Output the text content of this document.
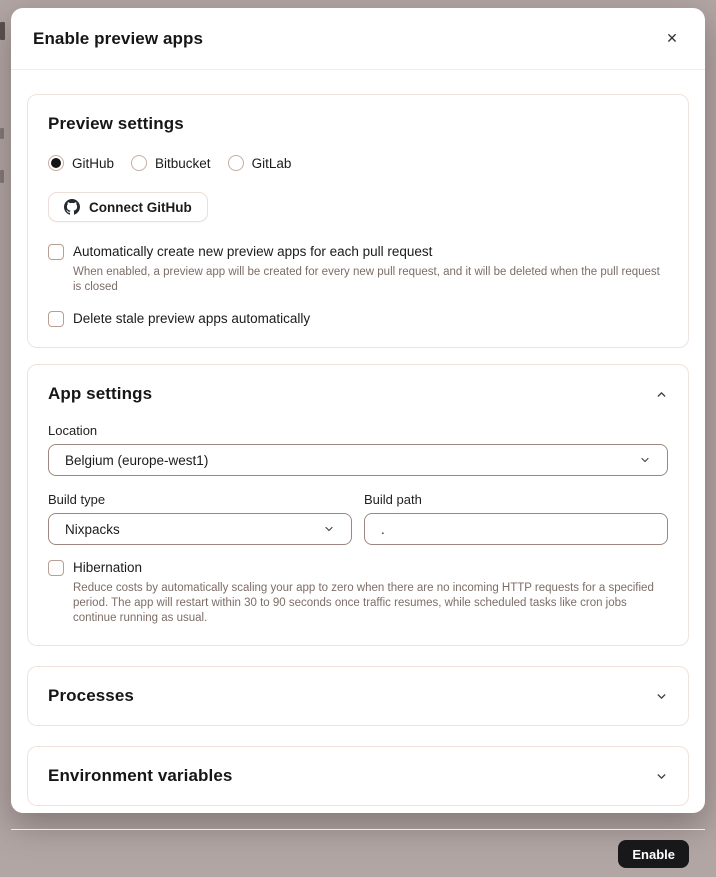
Enable preview apps	✕
Preview settings
GitHub	Bitbucket	GitLab
Connect GitHub
Automatically create new preview apps for each pull request
When enabled, a preview app will be created for every new pull request, and it will be deleted when the pull request is closed
Delete stale preview apps automatically
App settings
Location
Belgium (europe-west1)
Build type
Nixpacks
Build path
.
Hibernation
Reduce costs by automatically scaling your app to zero when there are no incoming HTTP requests for a specified period. The app will restart within 30 to 90 seconds once traffic resumes, while scheduled tasks like cron jobs continue running as usual.
Processes
Environment variables
Enable
